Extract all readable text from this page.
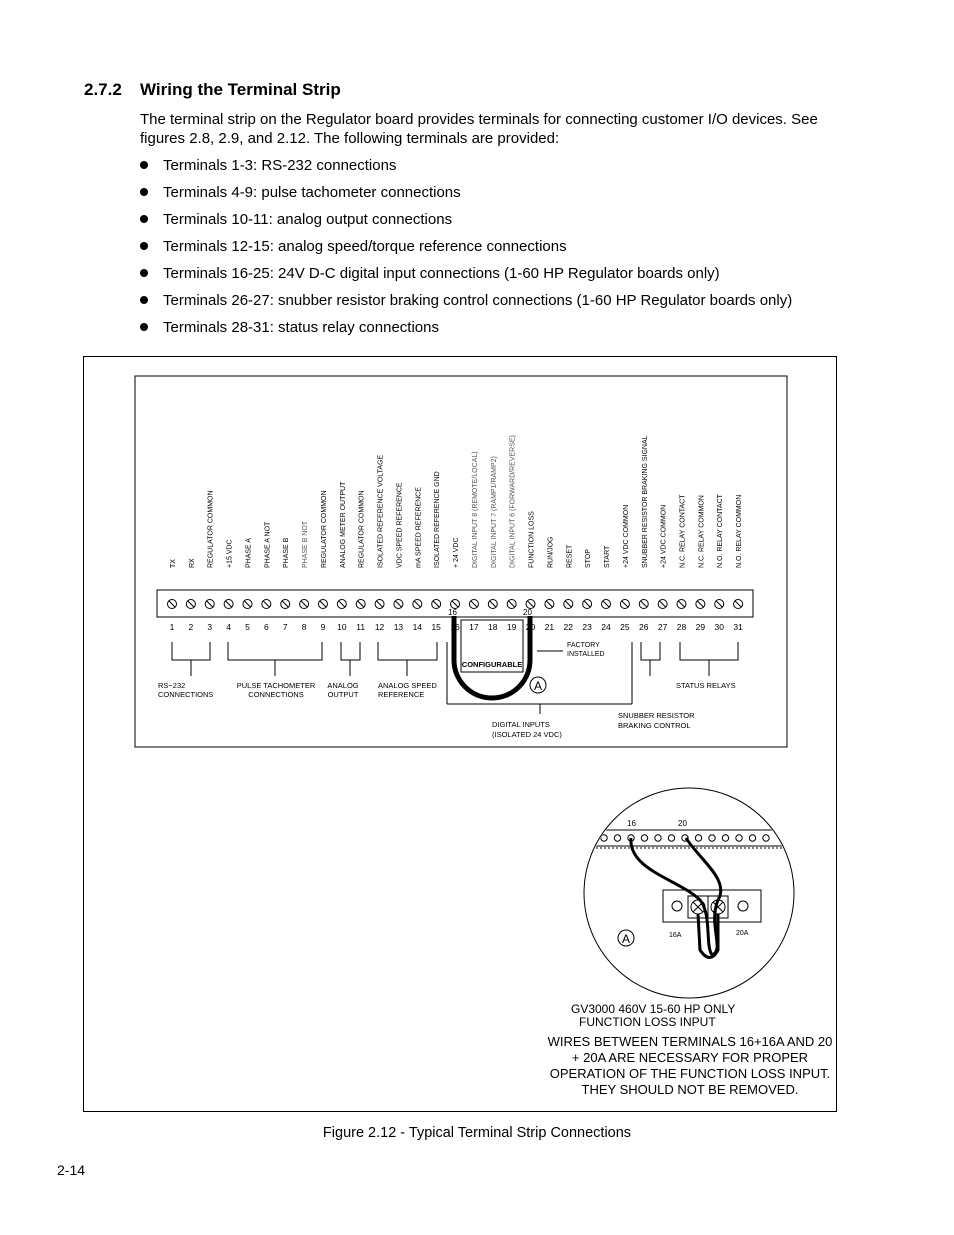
2.7.2 Wiring the Terminal Strip
The terminal strip on the Regulator board provides terminals for connecting customer I/O devices. See figures 2.8, 2.9, and 2.12. The following terminals are provided:
Terminals 1-3: RS-232 connections
Terminals 4-9: pulse tachometer connections
Terminals 10-11: analog output connections
Terminals 12-15: analog speed/torque reference connections
Terminals 16-25: 24V D-C digital input connections (1-60 HP Regulator boards only)
Terminals 26-27: snubber resistor braking control connections (1-60 HP Regulator boards only)
Terminals 28-31: status relay connections
TX RX REGULATOR COMMON +15 VDC PHASE A PHASE A NOT PHASE B PHASE B NOT REGULATOR COMMON ANALOG METER OUTPUT REGULATOR COMMON ISOLATED REFERENCE VOLTAGE VDC SPEED REFERENCE mA SPEED REFERENCE ISOLATED REFERENCE GND + 24 VDC DIGITAL INPUT 8 (REMOTE/LOCAL) DIGITAL INPUT 7 (RAMP1/RAMP2) DIGITAL INPUT 6 (FORWARD/REVERSE) FUNCTION LOSS RUN/JOG RESET STOP START +24 VDC COMMON SNUBBER RESISTOR BRAKING SIGNAL +24 VDC COMMON N.C. RELAY CONTACT N.C. RELAY COMMON N.O. RELAY CONTACT N.O. RELAY COMMON
1 2 3 4 5 6 7 8 9 10 11 12 13 14 15 16 17 18 19 20 21 22 23 24 25 26 27 28 29 30 31
16	20
CONFIGURABLE
FACTORY
INSTALLED
A
RS−232
CONNECTIONS
PULSE TACHOMETER
CONNECTIONS
ANALOG
OUTPUT
ANALOG SPEED
REFERENCE
STATUS RELAYS
DIGITAL INPUTS
(ISOLATED 24 VDC)
SNUBBER RESISTOR
BRAKING CONTROL
16	20
16A	20A
A
GV3000 460V 15-60 HP ONLY
FUNCTION LOSS INPUT
WIRES BETWEEN TERMINALS 16+16A AND 20 + 20A ARE NECESSARY FOR PROPER OPERATION OF THE FUNCTION LOSS INPUT. THEY SHOULD NOT BE REMOVED.
Figure 2.12 - Typical Terminal Strip Connections
2-14
